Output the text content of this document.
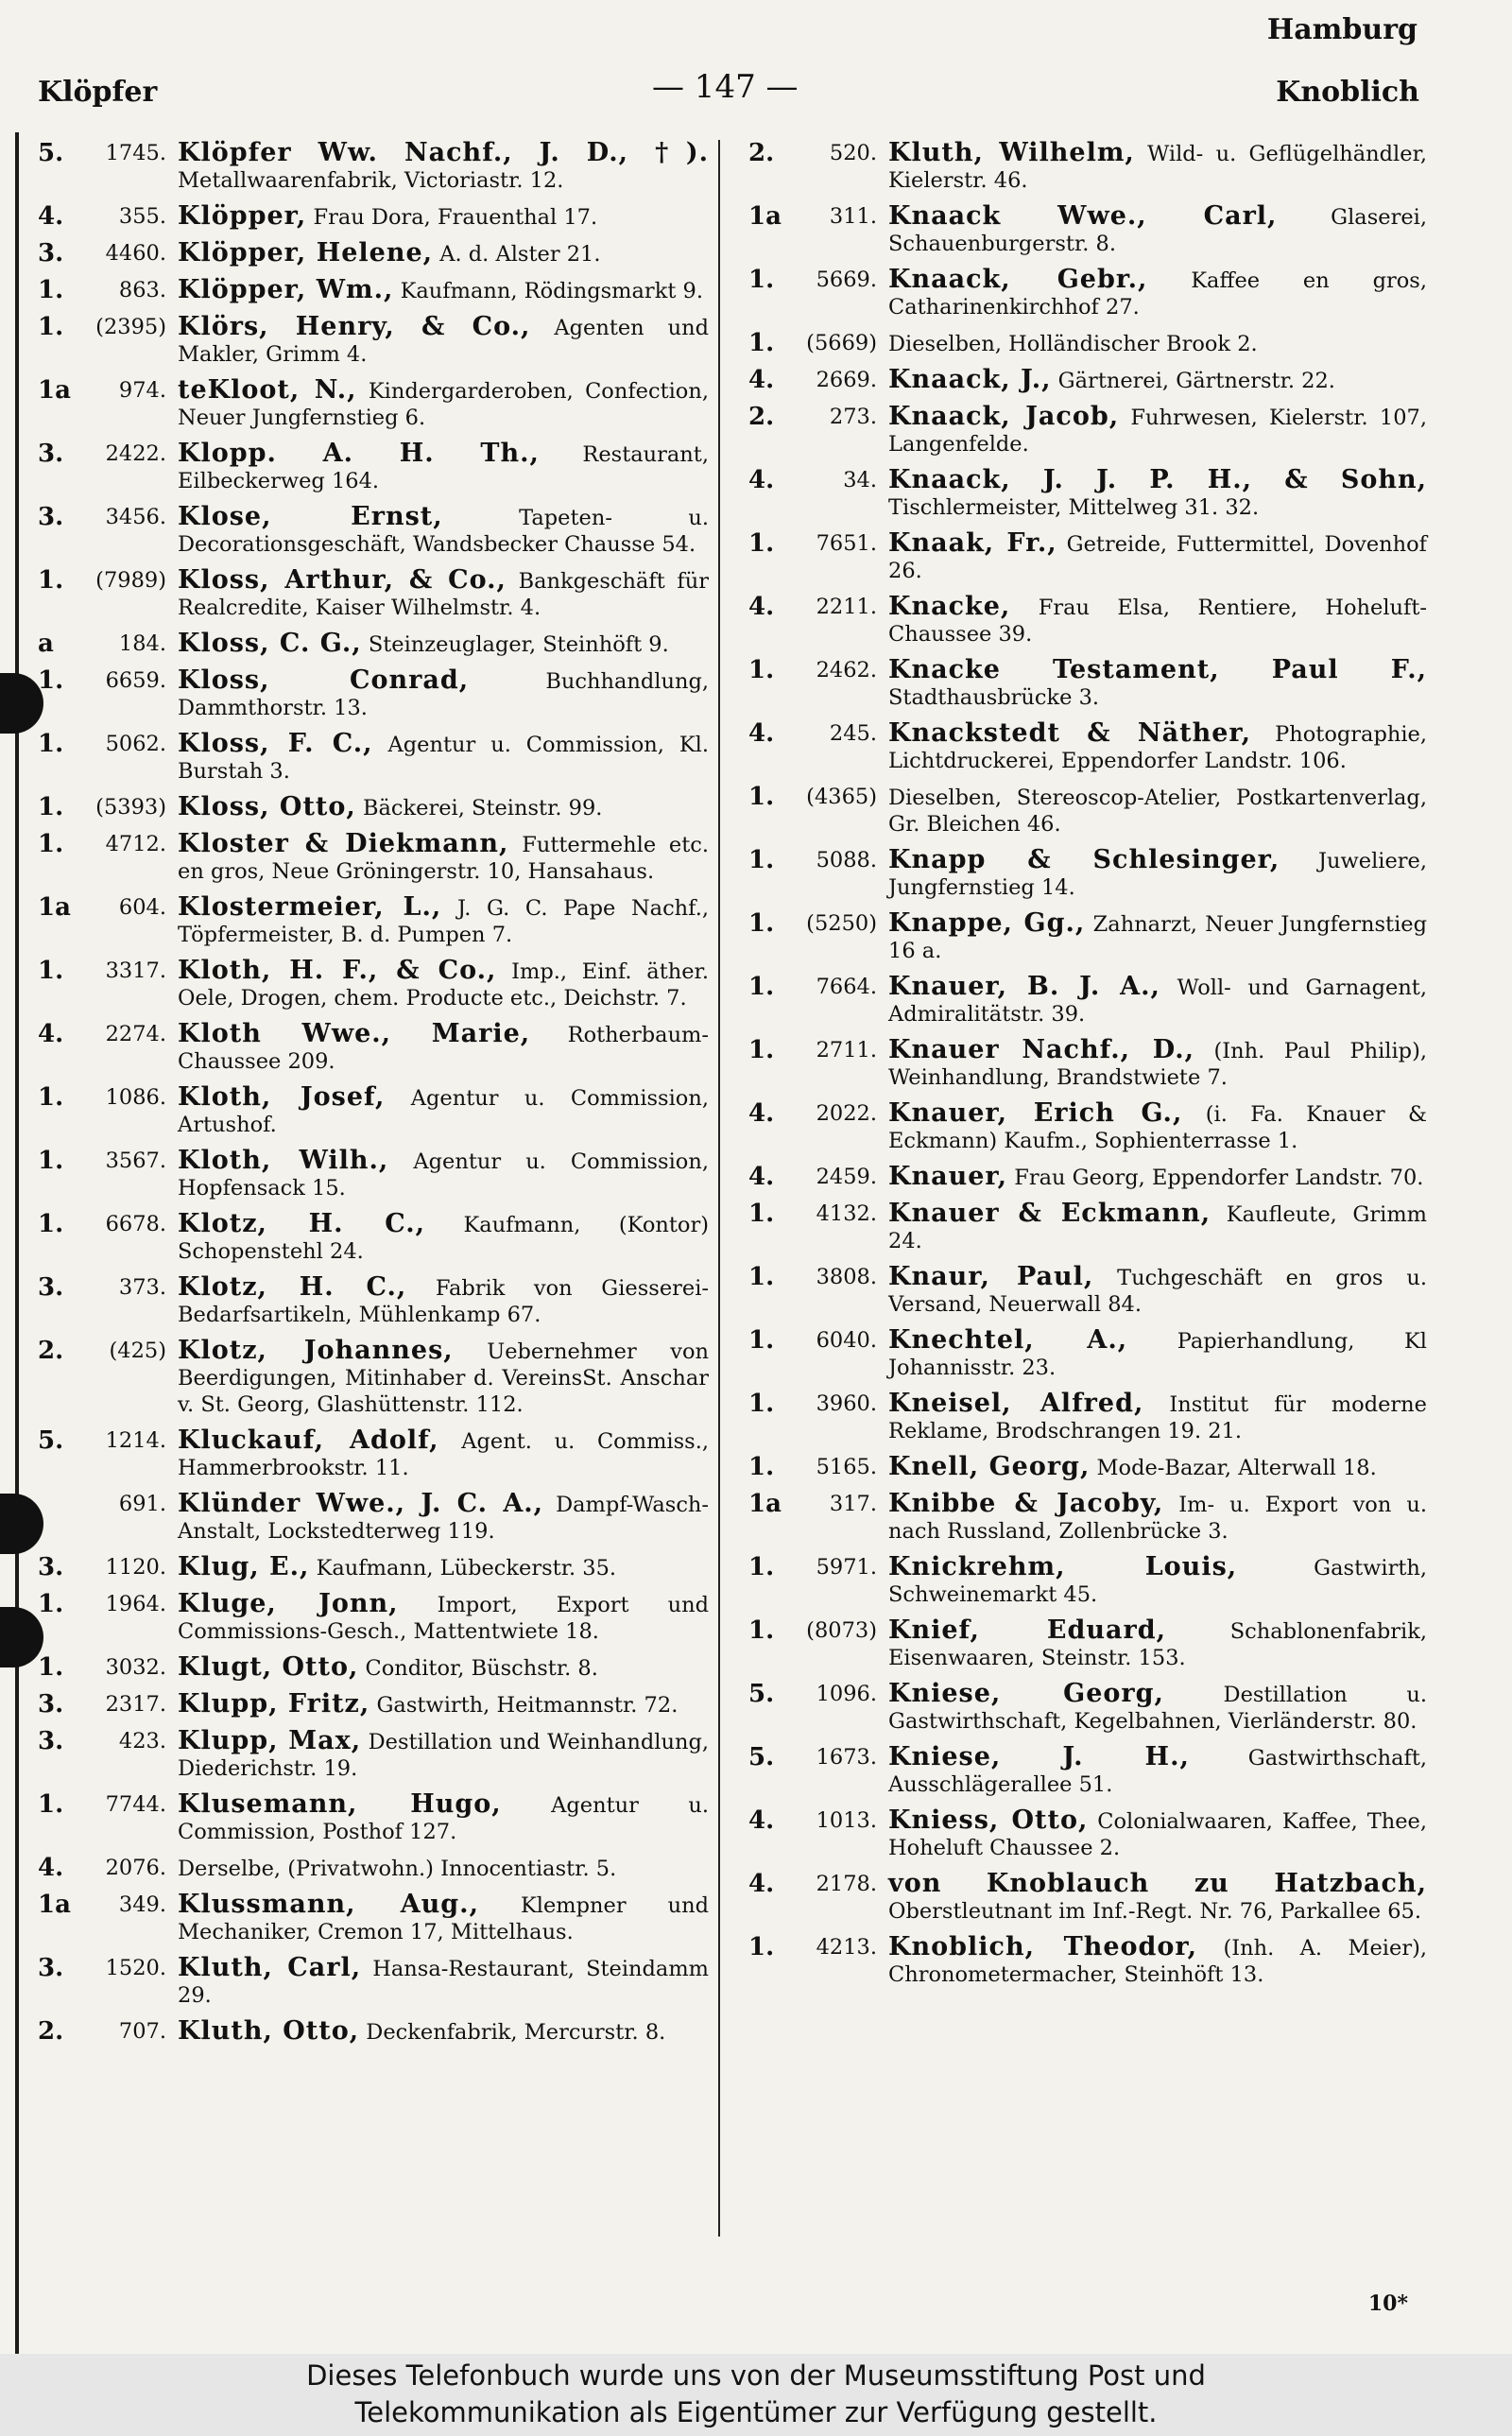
Hamburg
Klöpfer	— 147 —	Knoblich
5.	1745. Klöpfer Ww. Nachf., J. D., †). Metallwaarenfabrik, Victoriastr. 12.
4.	355. Klöpper, Frau Dora, Frauenthal 17.
3.	4460. Klöpper, Helene, A. d. Alster 21.
1.	863. Klöpper, Wm., Kaufmann, Rödingsmarkt 9.
1.	(2395) Klörs, Henry, & Co., Agenten und Makler, Grimm 4.
1a	974. teKloot, N., Kindergarderoben, Confection, Neuer Jungfernstieg 6.
3.	2422. Klopp. A. H. Th., Restaurant, Eilbeckerweg 164.
3.	3456. Klose, Ernst,	Tapeten- u. Decorationsgeschäft, Wandsbecker Chausse 54.
1.	(7989) Kloss, Arthur, & Co., Bankgeschäft für Realcredite, Kaiser Wilhelmstr. 4.
a	184. Kloss, C. G., Steinzeuglager, Steinhöft 9.
1.	6659. Kloss, Conrad,	Buchhandlung, Dammthorstr. 13.
1.	5062. Kloss, F. C., Agentur u. Commission, Kl. Burstah 3.
1.	(5393) Kloss, Otto, Bäckerei, Steinstr. 99.
1.	4712. Kloster & Diekmann, Futtermehle etc. en gros, Neue Gröningerstr. 10, Hansahaus.
1a	604. Klostermeier, L., J. G. C. Pape Nachf., Töpfermeister, B. d. Pumpen 7.
1.	3317. Kloth, H. F., & Co., Imp., Einf. äther. Oele, Drogen, chem. Producte etc., Deichstr. 7.
4.	2274. Kloth Wwe., Marie, Rotherbaum-Chaussee 209.
1.	1086. Kloth, Josef, Agentur u. Commission, Artushof.
1.	3567. Kloth, Wilh., Agentur u. Commission, Hopfensack 15.
1.	6678. Klotz, H. C., Kaufmann, (Kontor) Schopenstehl 24.
3.	373. Klotz, H. C., Fabrik von Giesserei-Bedarfsartikeln, Mühlenkamp 67.
2.	(425) Klotz, Johannes, Uebernehmer von Beerdigungen, Mitinhaber d. VereinsSt. Anschar v. St. Georg, Glashüttenstr. 112.
5.	1214. Kluckauf, Adolf, Agent. u. Commiss., Hammerbrookstr. 11.
691. Klünder Wwe., J. C. A., Dampf-Wasch-Anstalt, Lockstedterweg 119.
3.	1120. Klug, E., Kaufmann, Lübeckerstr. 35.
1.	1964. Kluge, Jonn, Import, Export und Commissions-Gesch., Mattentwiete 18.
1.	3032. Klugt, Otto, Conditor, Büschstr. 8.
3.	2317. Klupp, Fritz, Gastwirth, Heitmannstr. 72.
3.	423. Klupp, Max, Destillation und Weinhandlung, Diederichstr. 19.
1.	7744. Klusemann, Hugo, Agentur u. Commission, Posthof 127.
4.	2076. Derselbe, (Privatwohn.) Innocentiastr. 5.
1a	349. Klussmann, Aug., Klempner und Mechaniker, Cremon 17, Mittelhaus.
3.	1520. Kluth, Carl, Hansa-Restaurant, Steindamm 29.
2.	707. Kluth, Otto, Deckenfabrik, Mercurstr. 8.
2.	520. Kluth, Wilhelm, Wild- u. Geflügelhändler, Kielerstr. 46.
1a	311. Knaack Wwe., Carl,	Glaserei, Schauenburgerstr. 8.
1.	5669. Knaack, Gebr., Kaffee en gros, Catharinenkirchhof 27.
1.	(5669) Dieselben, Holländischer Brook 2.
4.	2669. Knaack, J., Gärtnerei, Gärtnerstr. 22.
2.	273. Knaack, Jacob, Fuhrwesen, Kielerstr. 107, Langenfelde.
4.	34. Knaack, J. J. P. H., & Sohn, Tischlermeister, Mittelweg 31. 32.
1.	7651. Knaak, Fr., Getreide, Futtermittel, Dovenhof 26.
4.	2211. Knacke, Frau Elsa, Rentiere, Hoheluft-Chaussee 39.
1.	2462. Knacke Testament, Paul F., Stadthausbrücke 3.
4.	245. Knackstedt & Näther, Photographie, Lichtdruckerei, Eppendorfer Landstr. 106.
1.	(4365) Dieselben, Stereoscop-Atelier, Postkartenverlag, Gr. Bleichen 46.
1.	5088. Knapp & Schlesinger, Juweliere, Jungfernstieg 14.
1.	(5250) Knappe, Gg., Zahnarzt, Neuer Jungfernstieg 16 a.
1.	7664. Knauer, B. J. A., Woll- und Garnagent, Admiralitätstr. 39.
1.	2711. Knauer Nachf., D., (Inh. Paul Philip), Weinhandlung, Brandstwiete 7.
4.	2022. Knauer, Erich G., (i. Fa. Knauer & Eckmann) Kaufm., Sophienterrasse 1.
4.	2459. Knauer, Frau Georg, Eppendorfer Landstr. 70.
1.	4132. Knauer & Eckmann, Kaufleute, Grimm 24.
1.	3808. Knaur, Paul, Tuchgeschäft en gros u. Versand, Neuerwall 84.
1.	6040. Knechtel, A., Papierhandlung, Kl Johannisstr. 23.
1.	3960. Kneisel, Alfred, Institut für moderne Reklame, Brodschrangen 19. 21.
1.	5165. Knell, Georg, Mode-Bazar, Alterwall 18.
1a	317. Knibbe & Jacoby, Im- u. Export von u. nach Russland, Zollenbrücke 3.
1.	5971. Knickrehm, Louis,	Gastwirth, Schweinemarkt 45.
1.	(8073) Knief, Eduard,	Schablonenfabrik, Eisenwaaren, Steinstr. 153.
5.	1096. Kniese, Georg,	Destillation u. Gastwirthschaft, Kegelbahnen, Vierländerstr. 80.
5.	1673. Kniese, J. H.,	Gastwirthschaft, Ausschlägerallee 51.
4.	1013. Kniess, Otto, Colonialwaaren, Kaffee, Thee, Hoheluft Chaussee 2.
4.	2178. von Knoblauch zu Hatzbach, Oberstleutnant im Inf.-Regt. Nr. 76, Parkallee 65.
1.	4213. Knoblich, Theodor, (Inh. A. Meier), Chronometermacher, Steinhöft 13.
10*
Dieses Telefonbuch wurde uns von der Museumsstiftung Post und
Telekommunikation als Eigentümer zur Verfügung gestellt.
